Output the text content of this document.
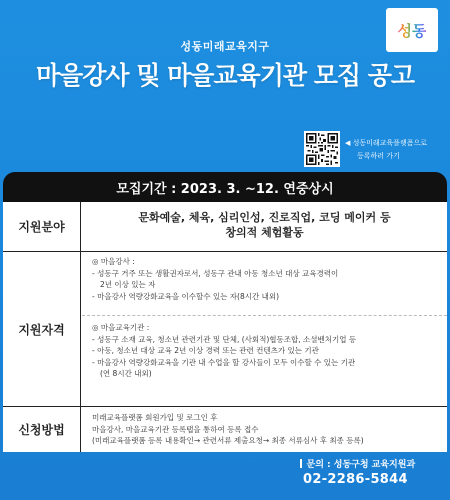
성동
성동미래교육지구
마을강사 및 마을교육기관 모집 공고
◀ 성동미래교육플랫폼으로
등록하러 가기
모집기간 : 2023. 3. ~12. 연중상시
지원분야
문화예술, 체육, 심리인성, 진로직업, 코딩 메이커 등
창의적 체험활동
지원자격
◎ 마을강사 :
- 성동구 거주 또는 생활권자로서, 성동구 관내 아동 청소년 대상 교육경력이
2년 이상 있는 자
- 마을강사 역량강화교육을 이수할수 있는 자(8시간 내외)
◎ 마을교육기관 :
- 성동구 소재 교육, 청소년 관련기관 및 단체, (사회적)협동조합, 소셜벤처기업 등
- 아동, 청소년 대상 교육 2년 이상 경력 또는 관련 컨텐츠가 있는 기관
- 마을강사 역량강화교육을 기관 내 수업을 할 강사들이 모두 이수할 수 있는 기관
(연 8시간 내외)
신청방법
미래교육플랫폼 회원가입 및 로그인 후
마을강사, 마을교육기관 등록탭을 통하여 등록 접수
(미래교육플랫폼 등록 내용확인→ 관련서류 제출요청→ 최종 서류심사 후 최종 등록)
문의 : 성동구청 교육지원과
02-2286-5844
